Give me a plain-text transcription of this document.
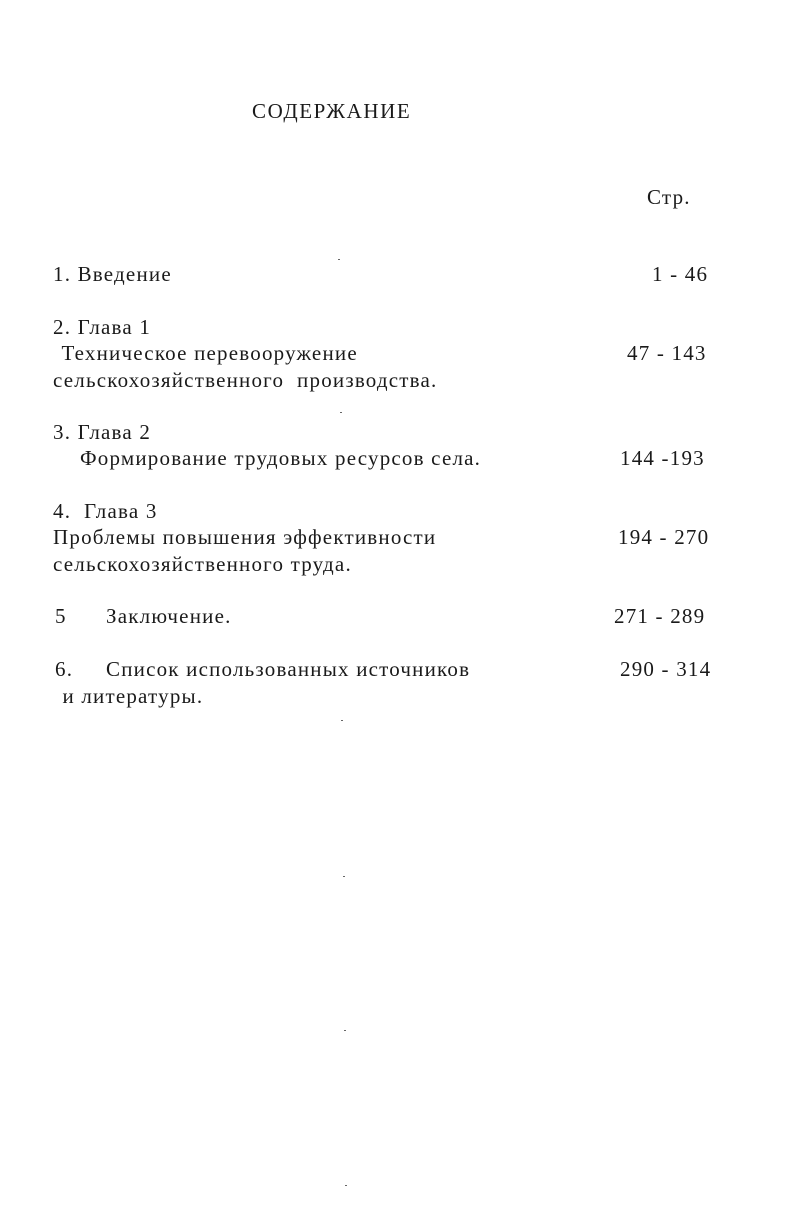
СОДЕРЖАНИЕ
Стр.
1. Введение	1 - 46
2. Глава 1
Техническое перевооружение
сельскохозяйственного  производства.
47 - 143
3. Глава 2
Формирование трудовых ресурсов села.	144 -193
4.  Глава 3
Проблемы повышения эффективности
сельскохозяйственного труда.
194 - 270
5 Заключение.	271 - 289
6. Список использованных источников
и литературы.
290 - 314
